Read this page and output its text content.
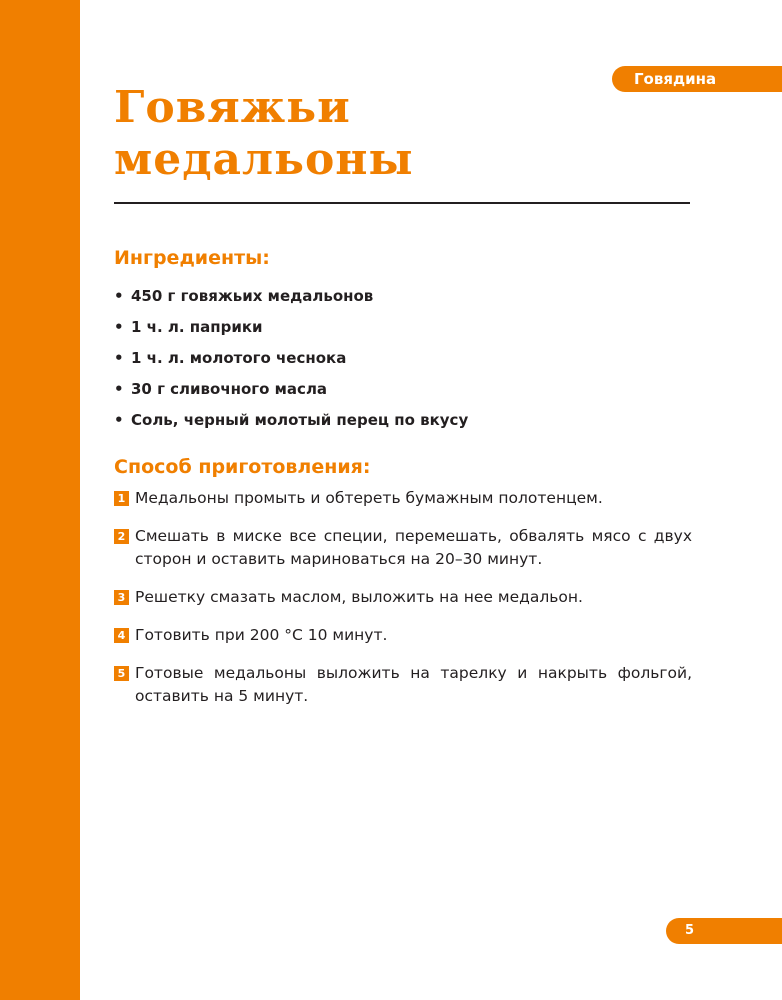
Говядина
Говяжьи
медальоны
Ингредиенты:
• 450 г говяжьих медальонов
• 1 ч. л. паприки
• 1 ч. л. молотого чеснока
• 30 г сливочного масла
• Соль, черный молотый перец по вкусу
Способ приготовления:
1 Медальоны промыть и обтереть бумажным полотенцем.
2 Смешать в миске все специи, перемешать, обвалять мясо с двух сторон и оставить мариноваться на 20–30 минут.
3 Решетку смазать маслом, выложить на нее медальон.
4 Готовить при 200 °C 10 минут.
5 Готовые медальоны выложить на тарелку и накрыть фольгой, оставить на 5 минут.
5
